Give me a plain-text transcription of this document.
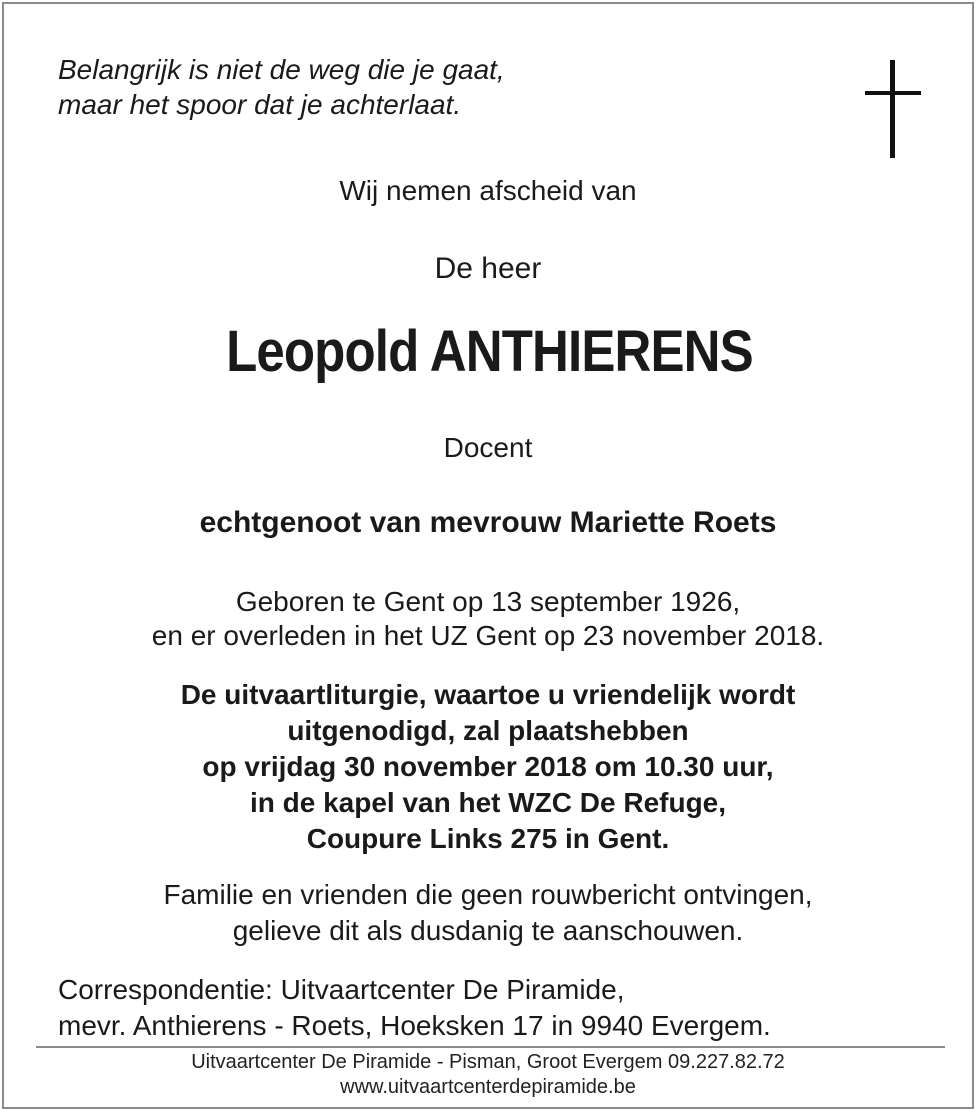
Belangrijk is niet de weg die je gaat,
maar het spoor dat je achterlaat.

Wij nemen afscheid van

De heer

Leopold ANTHIERENS

Docent

echtgenoot van mevrouw Mariette Roets

Geboren te Gent op 13 september 1926,
en er overleden in het UZ Gent op 23 november 2018.
De uitvaartliturgie, waartoe u vriendelijk wordt
uitgenodigd, zal plaatshebben
op vrijdag 30 november 2018 om 10.30 uur,
in de kapel van het WZC De Refuge,
Coupure Links 275 in Gent.
Familie en vrienden die geen rouwbericht ontvingen,
gelieve dit als dusdanig te aanschouwen.
Correspondentie: Uitvaartcenter De Piramide,
mevr. Anthierens - Roets, Hoeksken 17 in 9940 Evergem.
Uitvaartcenter De Piramide - Pisman, Groot Evergem 09.227.82.72
www.uitvaartcenterdepiramide.be
